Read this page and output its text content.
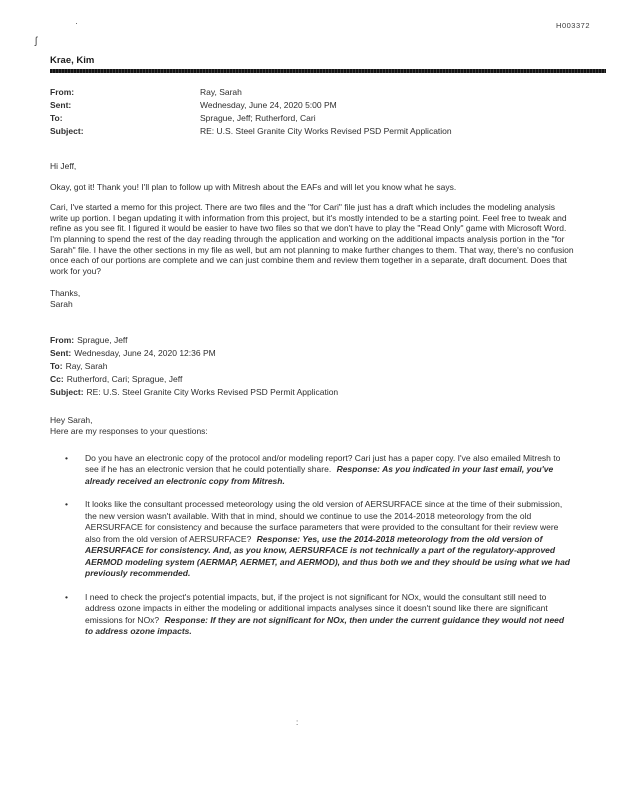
·	H003372
ʃ
:
Krae, Kim
From:	Ray, Sarah
Sent:	Wednesday, June 24, 2020 5:00 PM
To:	Sprague, Jeff; Rutherford, Cari
Subject:	RE: U.S. Steel Granite City Works Revised PSD Permit Application
Hi Jeff,
Okay, got it! Thank you! I'll plan to follow up with Mitresh about the EAFs and will let you know what he says.
Cari, I've started a memo for this project. There are two files and the "for Cari" file just has a draft which includes the modeling analysis write up portion. I began updating it with information from this project, but it's mostly intended to be a starting point. Feel free to tweak and refine as you see fit. I figured it would be easier to have two files so that we don't have to play the "Read Only" game with Microsoft Word. I'm planning to spend the rest of the day reading through the application and working on the additional impacts analysis portion in the "for Sarah" file. I have the other sections in my file as well, but am not planning to make further changes to them. That way, there's no confusion once each of our portions are complete and we can just combine them and review them together in a separate, draft document. Does that work for you?
Thanks,
Sarah
From: Sprague, Jeff
Sent: Wednesday, June 24, 2020 12:36 PM
To: Ray, Sarah
Cc: Rutherford, Cari; Sprague, Jeff
Subject: RE: U.S. Steel Granite City Works Revised PSD Permit Application
Hey Sarah,
Here are my responses to your questions:
• Do you have an electronic copy of the protocol and/or modeling report? Cari just has a paper copy. I've also emailed Mitresh to see if he has an electronic version that he could potentially share. Response: As you indicated in your last email, you've already received an electronic copy from Mitresh.
• It looks like the consultant processed meteorology using the old version of AERSURFACE since at the time of their submission, the new version wasn't available. With that in mind, should we continue to use the 2014-2018 meteorology from the old AERSURFACE for consistency and because the surface parameters that were provided to the consultant for their review were also from the old version of AERSURFACE? Response: Yes, use the 2014-2018 meteorology from the old version of AERSURFACE for consistency. And, as you know, AERSURFACE is not technically a part of the regulatory-approved AERMOD modeling system (AERMAP, AERMET, and AERMOD), and thus both we and they should be using what we had previously recommended.
• I need to check the project's potential impacts, but, if the project is not significant for NOx, would the consultant still need to address ozone impacts in either the modeling or additional impacts analyses since it doesn't sound like there are significant emissions for NOx? Response: If they are not significant for NOx, then under the current guidance they would not need to address ozone impacts.
